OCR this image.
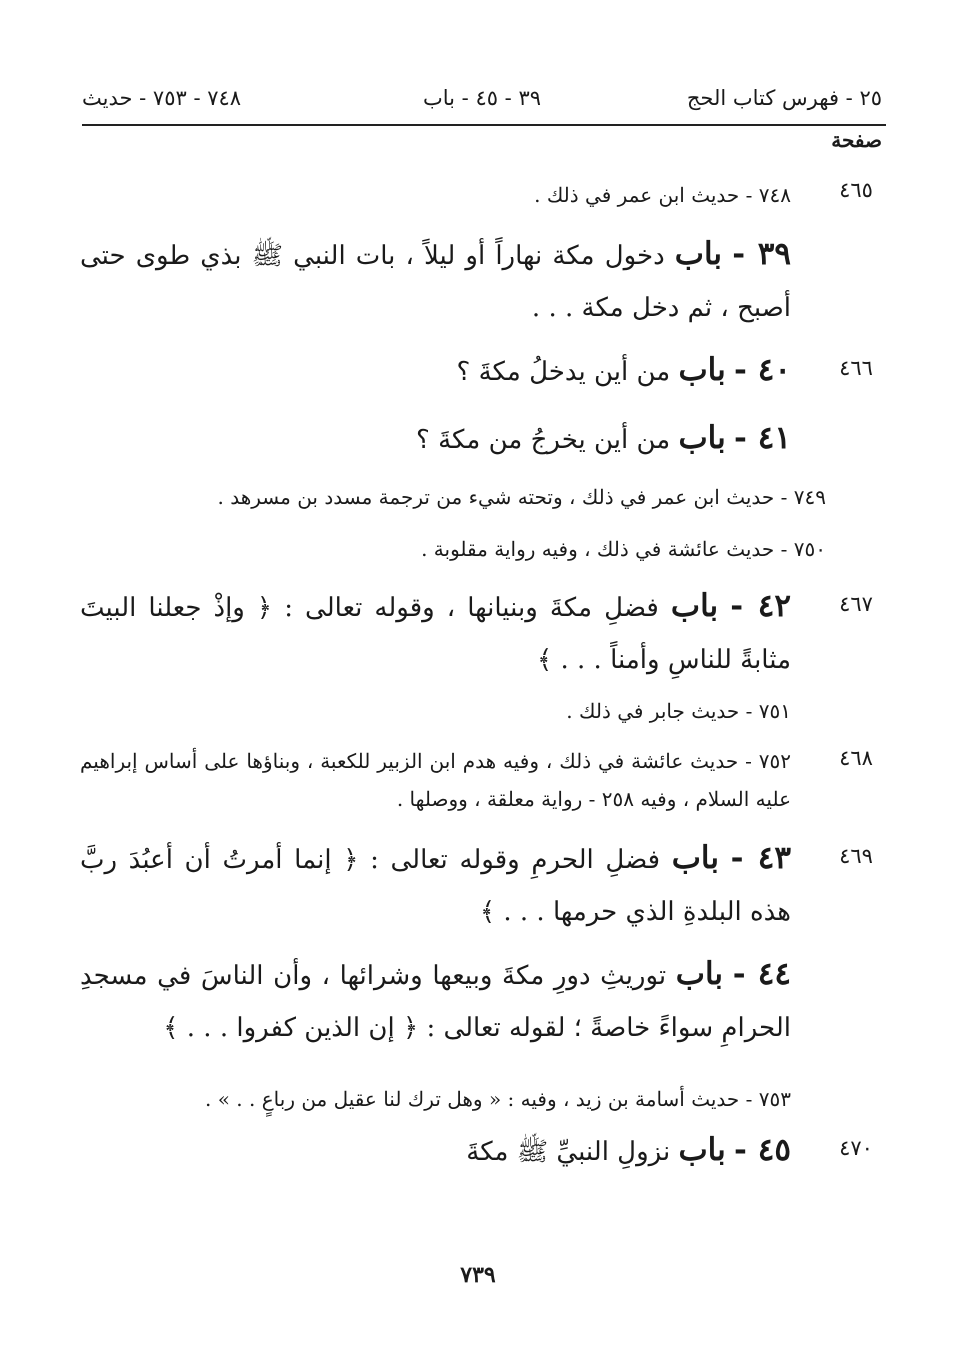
٢٥ - فهرس كتاب الحج
٣٩ - ٤٥ - باب
٧٤٨ - ٧٥٣ - حديث
صفحة
٤٦٥
٧٤٨ - حديث ابن عمر في ذلك .
٣٩ - باب دخول مكة نهاراً أو ليلاً ، بات النبي ﷺ بذي طوى حتى أصبح ، ثم دخل مكة . . .
٤٦٦
٤٠ - باب من أين يدخلُ مكةَ ؟
٤١ - باب من أين يخرجُ من مكةَ ؟
٧٤٩ - حديث ابن عمر في ذلك ، وتحته شيء من ترجمة مسدد بن مسرهد .
٧٥٠ - حديث عائشة في ذلك ، وفيه رواية مقلوبة .
٤٦٧
٤٢ - باب فضلِ مكةَ وبنيانها ، وقوله تعالى : ﴿ وإذْ جعلنا البيتَ مثابةً للناسِ وأمناً . . . ﴾
٧٥١ - حديث جابر في ذلك .
٤٦٨
٧٥٢ - حديث عائشة في ذلك ، وفيه هدم ابن الزبير للكعبة ، وبناؤها على أساس إبراهيم عليه السلام ، وفيه ٢٥٨ - رواية معلقة ، ووصلها .
٤٦٩
٤٣ - باب فضلِ الحرمِ وقوله تعالى : ﴿ إنما أمرتُ أن أعبُدَ ربَّ هذه البلدةِ الذي حرمها . . . ﴾
٤٤ - باب توريثِ دورِ مكةَ وبيعها وشرائها ، وأن الناسَ في مسجدِ الحرامِ سواءً خاصةً ؛ لقوله تعالى : ﴿ إن الذين كفروا . . . ﴾
٧٥٣ - حديث أسامة بن زيد ، وفيه : « وهل ترك لنا عقيل من رباعٍ . . » .
٤٧٠
٤٥ - باب نزولِ النبيِّ ﷺ مكةَ
٧٣٩
